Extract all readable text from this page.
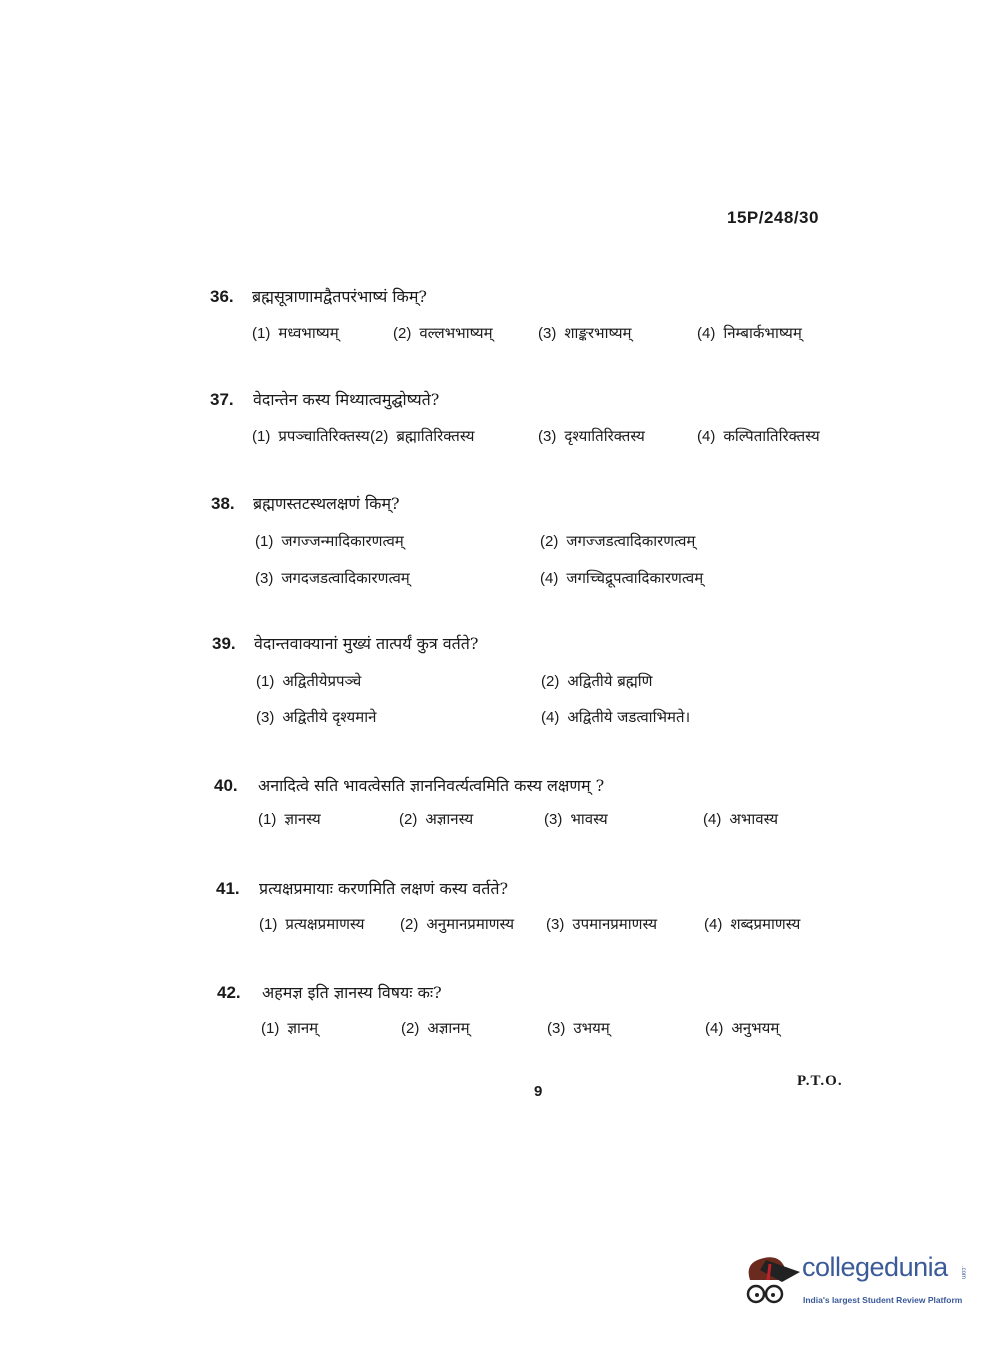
15P/248/30
36. ब्रह्मसूत्राणामद्वैतपरंभाष्यं किम्?
(1) मध्वभाष्यम्	(2) वल्लभभाष्यम्	(3) शाङ्करभाष्यम्	(4) निम्बार्कभाष्यम्
37. वेदान्तेन कस्य मिथ्यात्वमुद्घोष्यते?
(1) प्रपञ्चातिरिक्तस्य (2) ब्रह्मातिरिक्तस्य	(3) दृश्यातिरिक्तस्य	(4) कल्पितातिरिक्तस्य
38. ब्रह्मणस्तटस्थलक्षणं किम्?
(1) जगज्जन्मादिकारणत्वम्	(2) जगज्जडत्वादिकारणत्वम्
(3) जगदजडत्वादिकारणत्वम्	(4) जगच्चिद्रूपत्वादिकारणत्वम्
39. वेदान्तवाक्यानां मुख्यं तात्पर्यं कुत्र वर्तते?
(1) अद्वितीयेप्रपञ्चे	(2) अद्वितीये ब्रह्मणि
(3) अद्वितीये दृश्यमाने	(4) अद्वितीये जडत्वाभिमते।
40. अनादित्वे सति भावत्वेसति ज्ञाननिवर्त्यत्वमिति कस्य लक्षणम् ?
(1) ज्ञानस्य	(2) अज्ञानस्य	(3) भावस्य	(4) अभावस्य
41. प्रत्यक्षप्रमायाः करणमिति लक्षणं कस्य वर्तते?
(1) प्रत्यक्षप्रमाणस्य (2) अनुमानप्रमाणस्य (3) उपमानप्रमाणस्य	(4) शब्दप्रमाणस्य
42. अहमज्ञ इति ज्ञानस्य विषयः कः?
(1) ज्ञानम्	(2) अज्ञानम्	(3) उभयम्	(4) अनुभयम्
9
P.T.O.
collegedunia .com
India's largest Student Review Platform
